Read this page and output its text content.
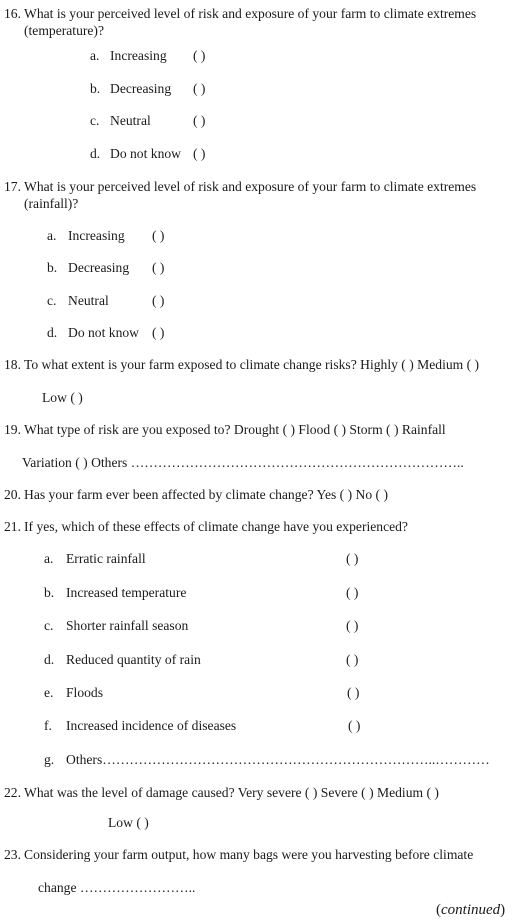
16. What is your perceived level of risk and exposure of your farm to climate extremes (temperature)?
a. Increasing ( )
b. Decreasing ( )
c. Neutral	( )
d. Do not know ( )
17. What is your perceived level of risk and exposure of your farm to climate extremes (rainfall)?
a. Increasing ( )
b. Decreasing ( )
c. Neutral	( )
d. Do not know ( )
18. To what extent is your farm exposed to climate change risks? Highly ( ) Medium ( )
Low ( )
19. What type of risk are you exposed to? Drought ( ) Flood ( ) Storm ( ) Rainfall
Variation ( ) Others ………………………………………………………………..
20. Has your farm ever been affected by climate change? Yes ( ) No ( )
21. If yes, which of these effects of climate change have you experienced?
a. Erratic rainfall	( )
b. Increased temperature	( )
c. Shorter rainfall season	( )
d. Reduced quantity of rain	( )
e. Floods	( )
f. Increased incidence of diseases	( )
g. Others………………………………………………………………..…………
22. What was the level of damage caused? Very severe ( ) Severe ( ) Medium ( )
Low ( )
23. Considering your farm output, how many bags were you harvesting before climate
change ……………………..
(continued)
